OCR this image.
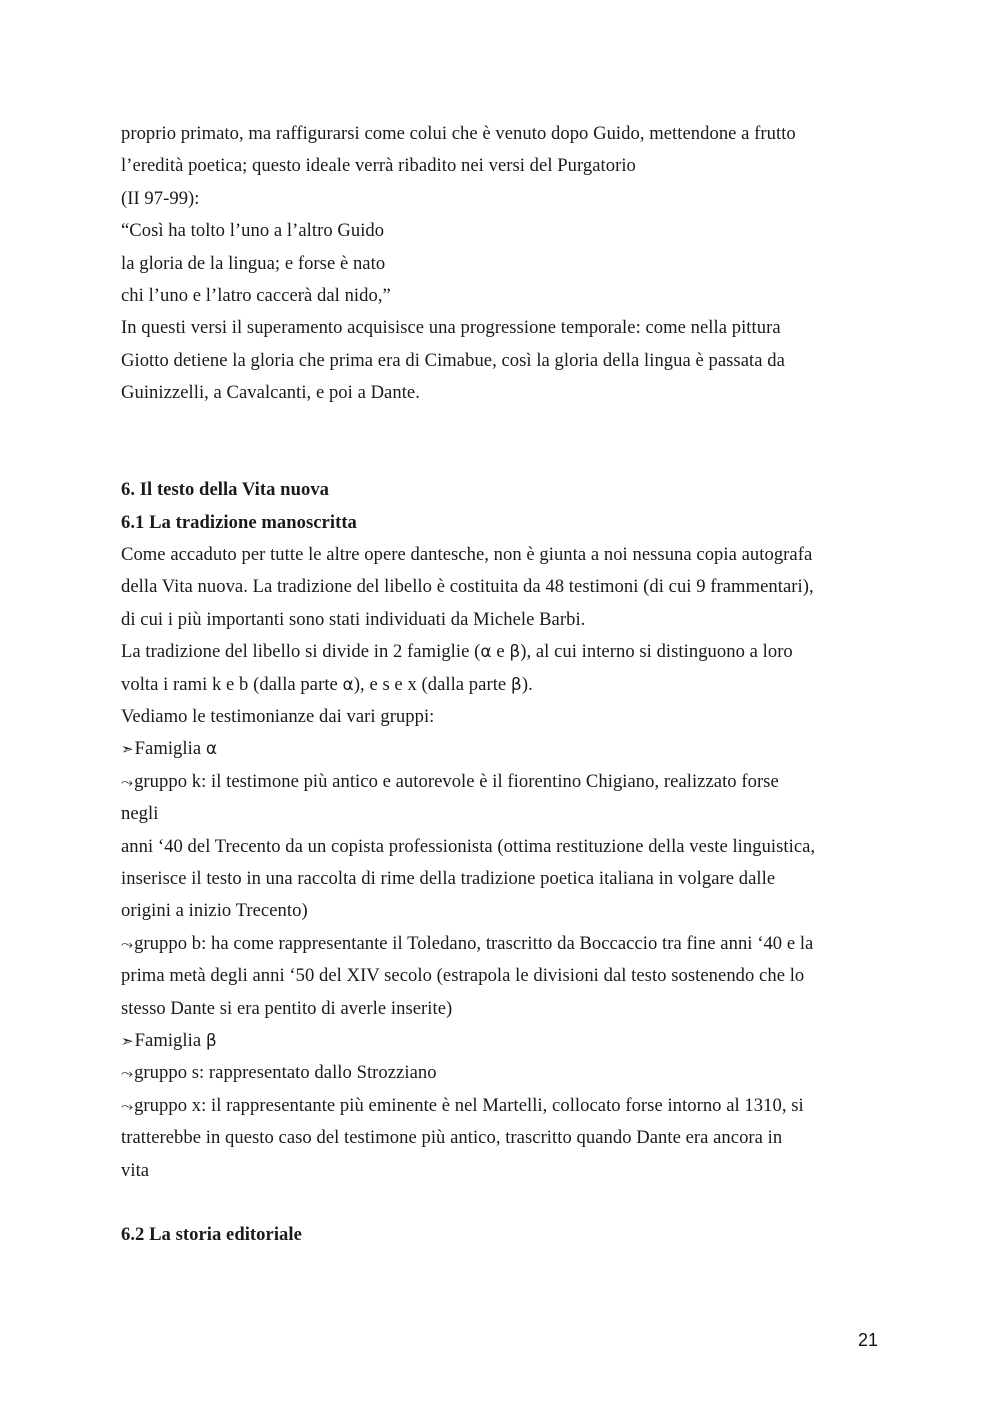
proprio primato, ma raffigurarsi come colui che è venuto dopo Guido, mettendone a frutto
l’eredità poetica; questo ideale verrà ribadito nei versi del Purgatorio
(II 97-99):
“Così ha tolto l’uno a l’altro Guido
la gloria de la lingua; e forse è nato
chi l’uno e l’latro caccerà dal nido,”
In questi versi il superamento acquisisce una progressione temporale: come nella pittura
Giotto detiene la gloria che prima era di Cimabue, così la gloria della lingua è passata da
Guinizzelli, a Cavalcanti, e poi a Dante.
6. Il testo della Vita nuova
6.1 La tradizione manoscritta
Come accaduto per tutte le altre opere dantesche, non è giunta a noi nessuna copia autografa
della Vita nuova. La tradizione del libello è costituita da 48 testimoni (di cui 9 frammentari),
di cui i più importanti sono stati individuati da Michele Barbi.
La tradizione del libello si divide in 2 famiglie (α e β), al cui interno si distinguono a loro
volta i rami k e b (dalla parte α), e s e x (dalla parte β).
Vediamo le testimonianze dai vari gruppi:
➣Famiglia α
⤳gruppo k: il testimone più antico e autorevole è il fiorentino Chigiano, realizzato forse
negli
anni ‘40 del Trecento da un copista professionista (ottima restituzione della veste linguistica,
inserisce il testo in una raccolta di rime della tradizione poetica italiana in volgare dalle
origini a inizio Trecento)
⤳gruppo b: ha come rappresentante il Toledano, trascritto da Boccaccio tra fine anni ‘40 e la
prima metà degli anni ‘50 del XIV secolo (estrapola le divisioni dal testo sostenendo che lo
stesso Dante si era pentito di averle inserite)
➣Famiglia β
⤳gruppo s: rappresentato dallo Strozziano
⤳gruppo x: il rappresentante più eminente è nel Martelli, collocato forse intorno al 1310, si
tratterebbe in questo caso del testimone più antico, trascritto quando Dante era ancora in
vita
6.2 La storia editoriale
21
